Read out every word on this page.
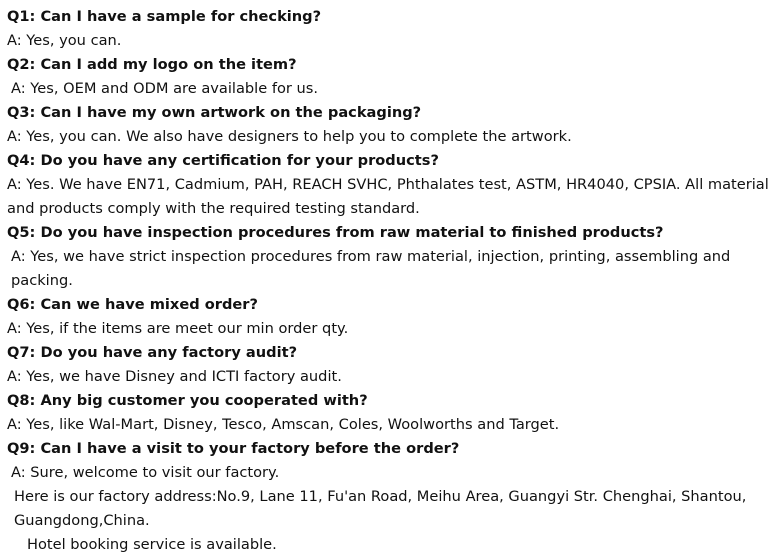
Q1: Can I have a sample for checking?
A: Yes, you can.
Q2: Can I add my logo on the item?
A: Yes, OEM and ODM are available for us.
Q3: Can I have my own artwork on the packaging?
A: Yes, you can. We also have designers to help you to complete the artwork.
Q4: Do you have any certification for your products?
A: Yes. We have EN71, Cadmium, PAH, REACH SVHC, Phthalates test, ASTM, HR4040, CPSIA. All material and products comply with the required testing standard.
Q5: Do you have inspection procedures from raw material to finished products?
A: Yes, we have strict inspection procedures from raw material, injection, printing, assembling and packing.
Q6: Can we have mixed order?
A: Yes, if the items are meet our min order qty.
Q7: Do you have any factory audit?
A: Yes, we have Disney and ICTI factory audit.
Q8: Any big customer you cooperated with?
A: Yes, like Wal-Mart, Disney, Tesco, Amscan, Coles, Woolworths and Target.
Q9: Can I have a visit to your factory before the order?
A: Sure, welcome to visit our factory.
Here is our factory address:No.9, Lane 11, Fu'an Road, Meihu Area, Guangyi Str. Chenghai, Shantou, Guangdong,China.
Hotel booking service is available.
